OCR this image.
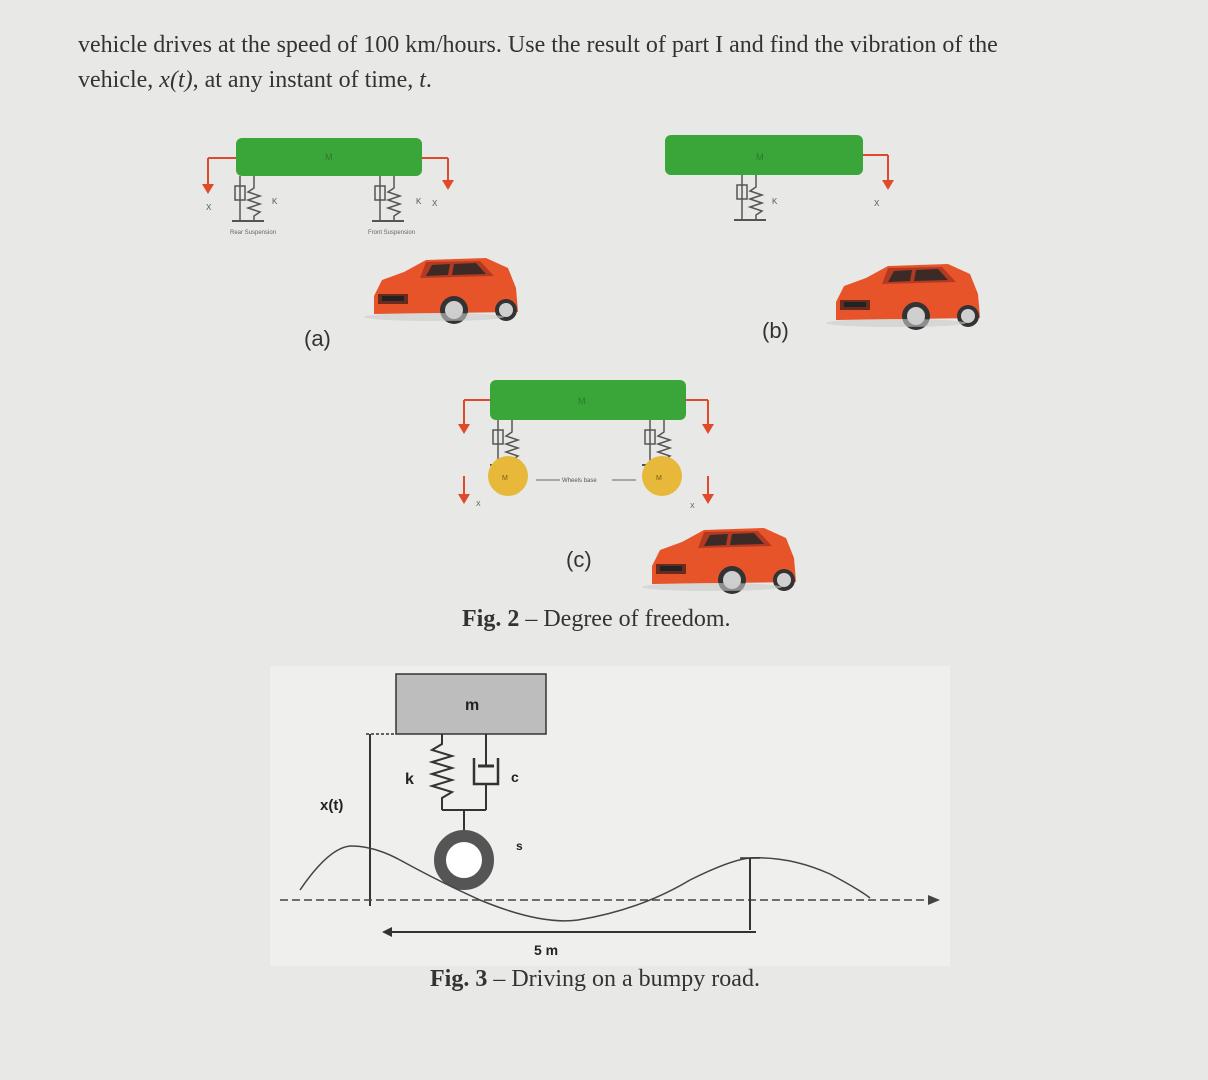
vehicle drives at the speed of 100 km/hours. Use the result of part I and find the vibration of the
vehicle, x(t), at any instant of time, t.
M
X
K	K X
Rear Suspension	Front Suspension
(a)
M
K	X
(b)
M
M	M
Wheels base
X	X
(c)
Fig. 2 – Degree of freedom.
m
k	c
s
x(t)
5 m
Fig. 3 – Driving on a bumpy road.
